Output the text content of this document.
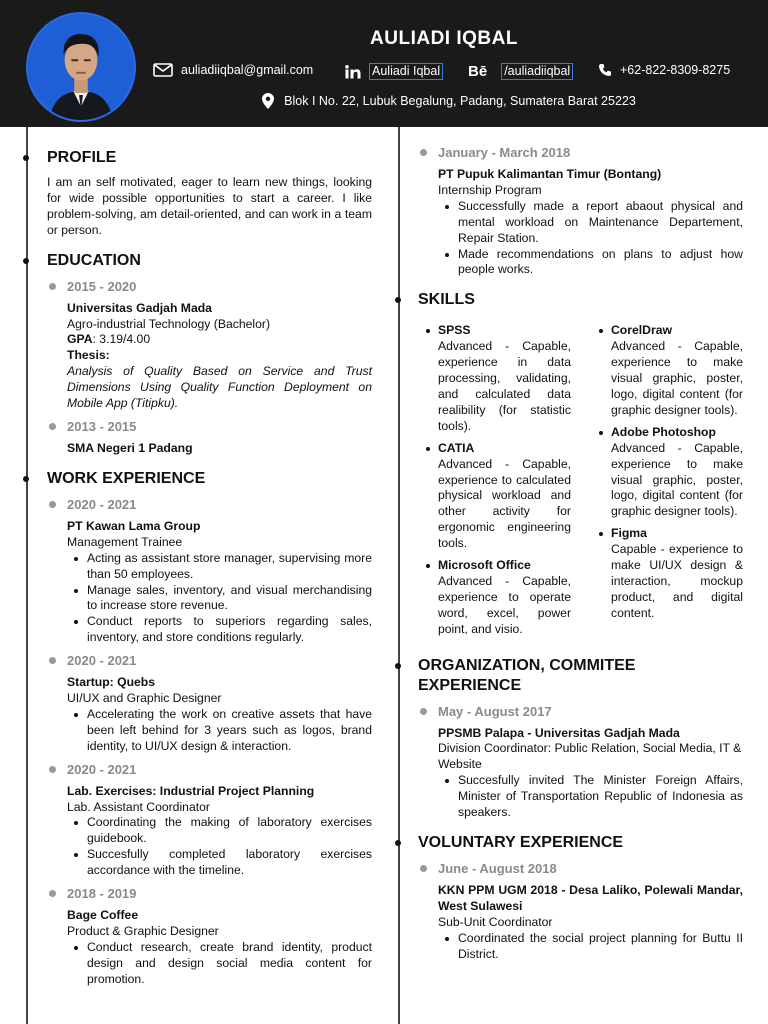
AULIADI IQBAL
auliadiiqbal@gmail.com	Auliadi Iqbal Bē /auliadiiqbal	+62-822-8309-8275
Blok I No. 22, Lubuk Begalung, Padang, Sumatera Barat 25223
PROFILE
I am an self motivated, eager to learn new things, looking for wide possible opportunities to start a career. I like problem-solving, am detail-oriented, and can work in a team or person.
EDUCATION
2015 - 2020
Universitas Gadjah Mada
Agro-industrial Technology (Bachelor)
GPA: 3.19/4.00
Thesis:
Analysis of Quality Based on Service and Trust Dimensions Using Quality Function Deployment on Mobile App (Titipku).
2013 - 2015
SMA Negeri 1 Padang
WORK EXPERIENCE
2020 - 2021
PT Kawan Lama Group
Management Trainee
Acting as assistant store manager, supervising more than 50 employees.
Manage sales, inventory, and visual merchandising to increase store revenue.
Conduct reports to superiors regarding sales, inventory, and store conditions regularly.
2020 - 2021
Startup: Quebs
UI/UX and Graphic Designer
Accelerating the work on creative assets that have been left behind for 3 years such as logos, brand identity, to UI/UX design & interaction.
2020 - 2021
Lab. Exercises: Industrial Project Planning
Lab. Assistant Coordinator
Coordinating the making of laboratory exercises guidebook.
Succesfully completed laboratory exercises accordance with the timeline.
2018 - 2019
Bage Coffee
Product & Graphic Designer
Conduct research, create brand identity, product design and design social media content for promotion.
January - March 2018
PT Pupuk Kalimantan Timur (Bontang)
Internship Program
Successfully made a report abaout physical and mental workload on Maintenance Departement, Repair Station.
Made recommendations on plans to adjust how people works.
SKILLS
SPSS
Advanced - Capable, experience in data processing, validating, and calculated data realibility (for statistic tools).
CATIA
Advanced - Capable, experience to calculated physical workload and other activity for ergonomic engineering tools.
Microsoft Office
Advanced - Capable, experience to operate word, excel, power point, and visio.
CorelDraw
Advanced - Capable, experience to make visual graphic, poster, logo, digital content (for graphic designer tools).
Adobe Photoshop
Advanced - Capable, experience to make visual graphic, poster, logo, digital content (for graphic designer tools).
Figma
Capable - experience to make UI/UX design & interaction, mockup product, and digital content.
ORGANIZATION, COMMITEE EXPERIENCE
May - August 2017
PPSMB Palapa - Universitas Gadjah Mada
Division Coordinator: Public Relation, Social Media, IT & Website
Succesfully invited The Minister Foreign Affairs, Minister of Transportation Republic of Indonesia as speakers.
VOLUNTARY EXPERIENCE
June - August 2018
KKN PPM UGM 2018 - Desa Laliko, Polewali Mandar, West Sulawesi
Sub-Unit Coordinator
Coordinated the social project planning for Buttu II District.
